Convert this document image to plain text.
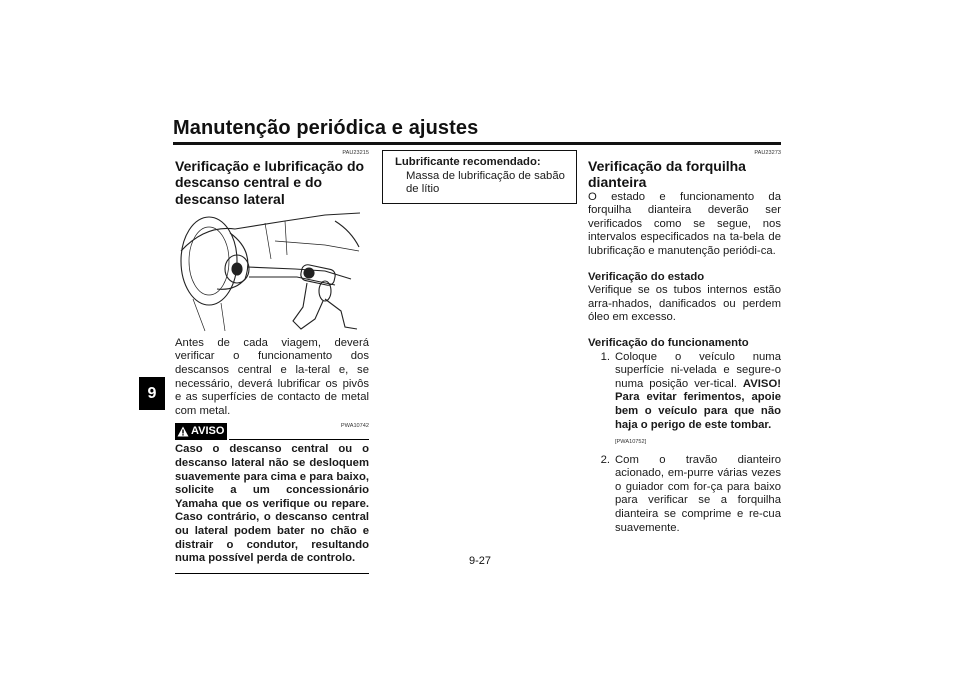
Manutenção periódica e ajustes
9
PAU23215
Verificação e lubrificação do descanso central e do descanso lateral

Antes de cada viagem, deverá verificar o funcionamento dos descansos central e la-teral e, se necessário, deverá lubrificar os pivôs e as superfícies de contacto de metal com metal.

AVISO	PWA10742

Caso o descanso central ou o descanso lateral não se desloquem suavemente para cima e para baixo, solicite a um concessionário Yamaha que os verifique ou repare. Caso contrário, o descanso central ou lateral podem bater no chão e distrair o condutor, resultando numa possível perda de controlo.

Lubrificante recomendado:
Massa de lubrificação de sabão de lítio
PAU23273
Verificação da forquilha dianteira

O estado e funcionamento da forquilha dianteira deverão ser verificados como se segue, nos intervalos especificados na ta-bela de lubrificação e manutenção periódi-ca.

Verificação do estado

Verifique se os tubos internos estão arra-nhados, danificados ou perdem óleo em excesso.

Verificação do funcionamento
1. Coloque o veículo numa superfície ni-velada e segure-o numa posição ver-tical. AVISO! Para evitar ferimentos, apoie bem o veículo para que não haja o perigo de este tombar.
[PWA10752]
2. Com o travão dianteiro acionado, em-purre várias vezes o guiador com for-ça para baixo para verificar se a forquilha dianteira se comprime e re-cua suavemente.
9-27
